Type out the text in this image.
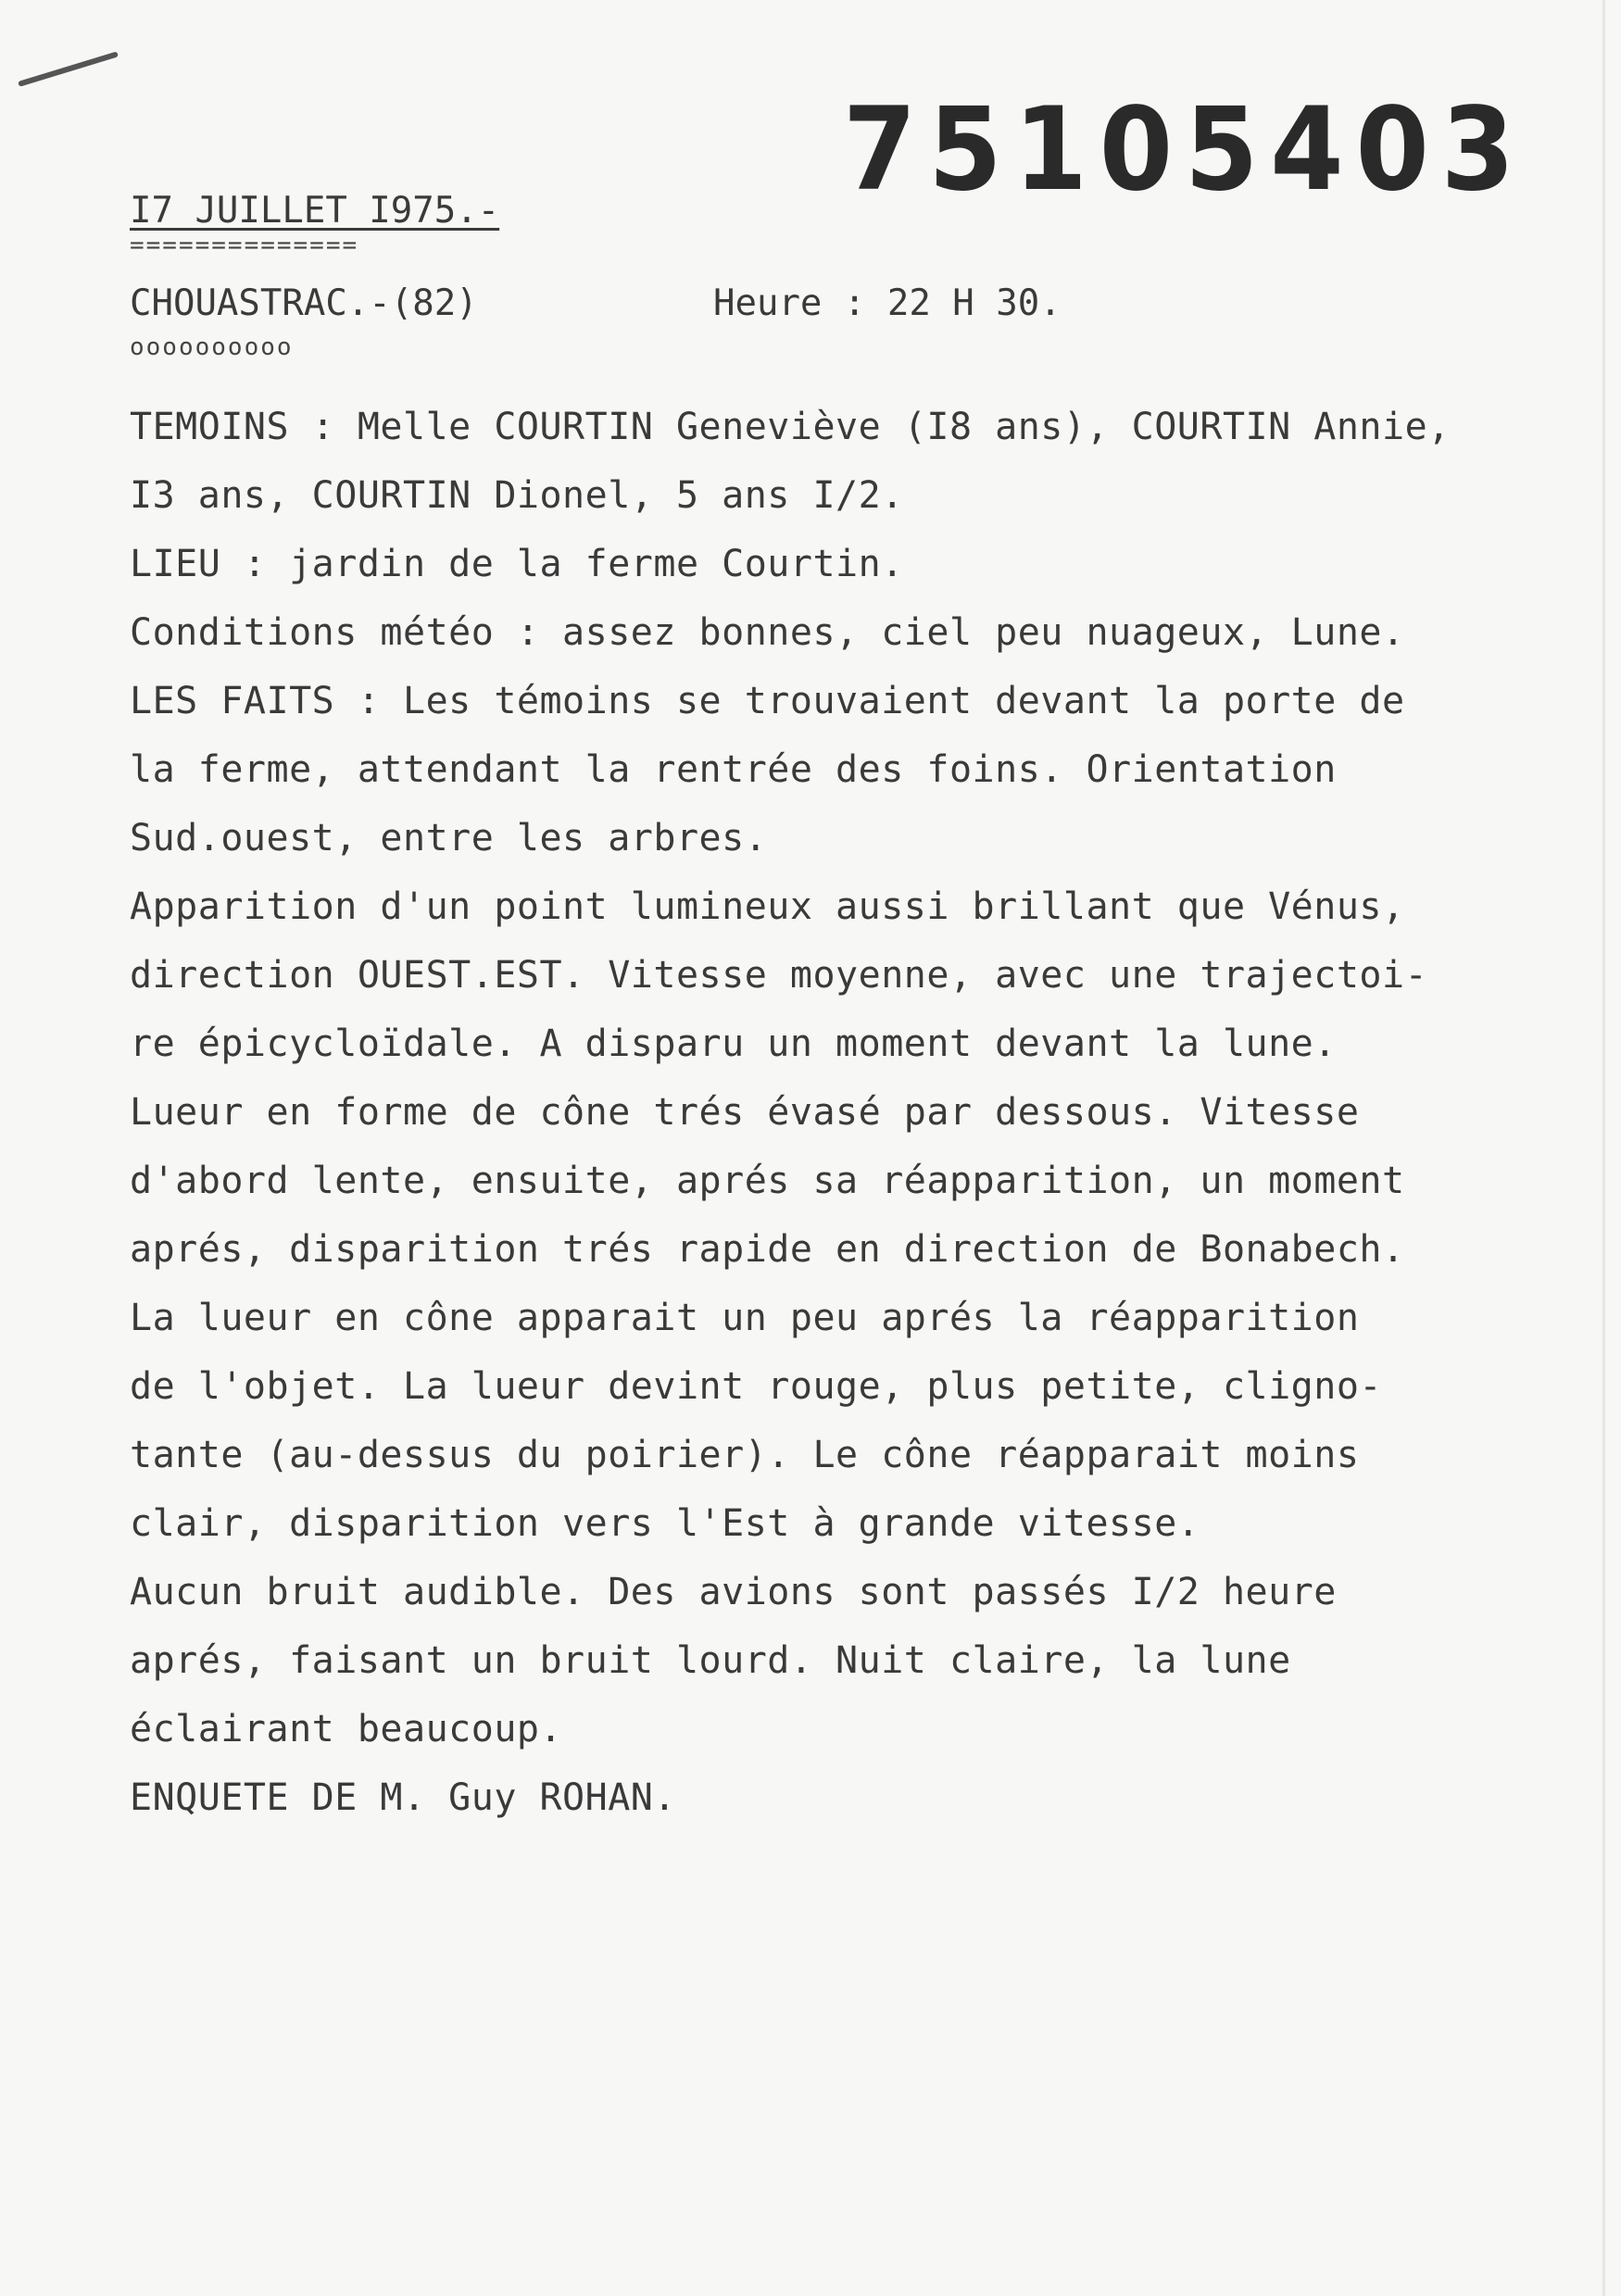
75105403
I7 JUILLET I975.-
==============
CHOUASTRAC.-(82)	Heure : 22 H 30.
oooooooooo
TEMOINS : Melle COURTIN Geneviève (I8 ans), COURTIN Annie,
I3 ans, COURTIN Dionel, 5 ans I/2.
LIEU : jardin de la ferme Courtin.
Conditions météo : assez bonnes, ciel peu nuageux, Lune.
LES FAITS : Les témoins se trouvaient devant la porte de
la ferme, attendant la rentrée des foins. Orientation
Sud.ouest, entre les arbres.
Apparition d'un point lumineux aussi brillant que Vénus,
direction OUEST.EST. Vitesse moyenne, avec une trajectoi-
re épicycloïdale. A disparu un moment devant la lune.
Lueur en forme de cône trés évasé par dessous. Vitesse
d'abord lente, ensuite, aprés sa réapparition, un moment
aprés, disparition trés rapide en direction de Bonabech.
La lueur en cône apparait un peu aprés la réapparition
de l'objet. La lueur devint rouge, plus petite, cligno-
tante (au-dessus du poirier). Le cône réapparait moins
clair, disparition vers l'Est à grande vitesse.
Aucun bruit audible. Des avions sont passés I/2 heure
aprés, faisant un bruit lourd. Nuit claire, la lune
éclairant beaucoup.
ENQUETE DE M. Guy ROHAN.
